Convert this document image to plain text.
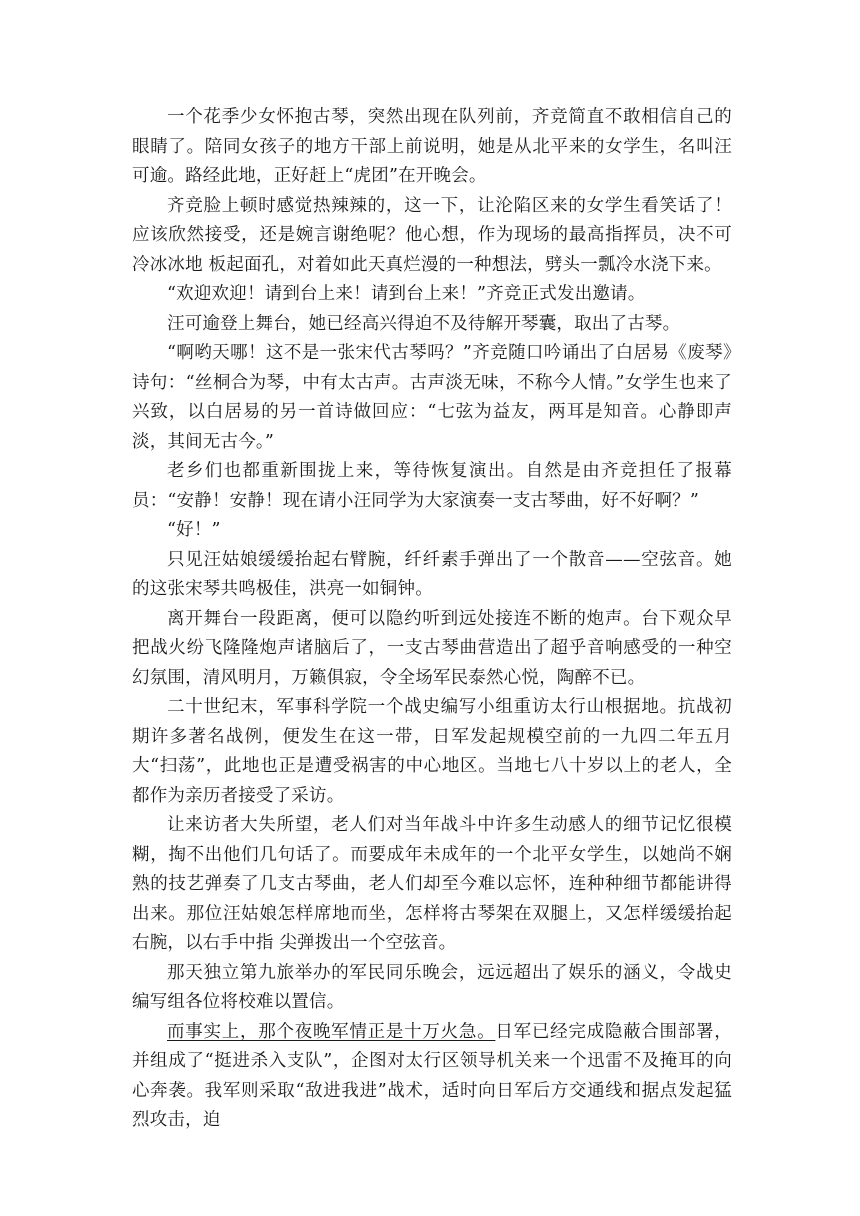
一个花季少女怀抱古琴，突然出现在队列前，齐竞简直不敢相信自己的眼睛了。陪同女孩子的地方干部上前说明，她是从北平来的女学生，名叫汪可逾。路经此地，正好赶上“虎团”在开晚会。

齐竞脸上顿时感觉热辣辣的，这一下，让沦陷区来的女学生看笑话了！应该欣然接受，还是婉言谢绝呢？他心想，作为现场的最高指挥员，决不可冷冰冰地 板起面孔，对着如此天真烂漫的一种想法，劈头一瓢冷水浇下来。

“欢迎欢迎！请到台上来！请到台上来！”齐竞正式发出邀请。

汪可逾登上舞台，她已经高兴得迫不及待解开琴囊，取出了古琴。

“啊哟天哪！这不是一张宋代古琴吗？”齐竞随口吟诵出了白居易《废琴》诗句：“丝桐合为琴，中有太古声。古声淡无味，不称今人情。”女学生也来了兴致，以白居易的另一首诗做回应：“七弦为益友，两耳是知音。心静即声淡，其间无古今。”

老乡们也都重新围拢上来，等待恢复演出。自然是由齐竞担任了报幕员：“安静！安静！现在请小汪同学为大家演奏一支古琴曲，好不好啊？”

“好！”

只见汪姑娘缓缓抬起右臂腕，纤纤素手弹出了一个散音——空弦音。她的这张宋琴共鸣极佳，洪亮一如铜钟。

离开舞台一段距离，便可以隐约听到远处接连不断的炮声。台下观众早把战火纷飞隆隆炮声诸脑后了，一支古琴曲营造出了超乎音响感受的一种空幻氛围，清风明月，万籁俱寂，令全场军民泰然心悦，陶醉不已。

二十世纪末，军事科学院一个战史编写小组重访太行山根据地。抗战初期许多著名战例，便发生在这一带，日军发起规模空前的一九四二年五月大“扫荡”，此地也正是遭受祸害的中心地区。当地七八十岁以上的老人，全都作为亲历者接受了采访。

让来访者大失所望，老人们对当年战斗中许多生动感人的细节记忆很模糊，掏不出他们几句话了。而要成年未成年的一个北平女学生，以她尚不娴熟的技艺弹奏了几支古琴曲，老人们却至今难以忘怀，连种种细节都能讲得出来。那位汪姑娘怎样席地而坐，怎样将古琴架在双腿上，又怎样缓缓抬起右腕，以右手中指 尖弹拨出一个空弦音。

那天独立第九旅举办的军民同乐晚会，远远超出了娱乐的涵义，令战史编写组各位将校难以置信。

而事实上，那个夜晚军情正是十万火急。日军已经完成隐蔽合围部署，并组成了“挺进杀入支队”，企图对太行区领导机关来一个迅雷不及掩耳的向心奔袭。我军则采取“敌进我进”战术，适时向日军后方交通线和据点发起猛烈攻击，迫
